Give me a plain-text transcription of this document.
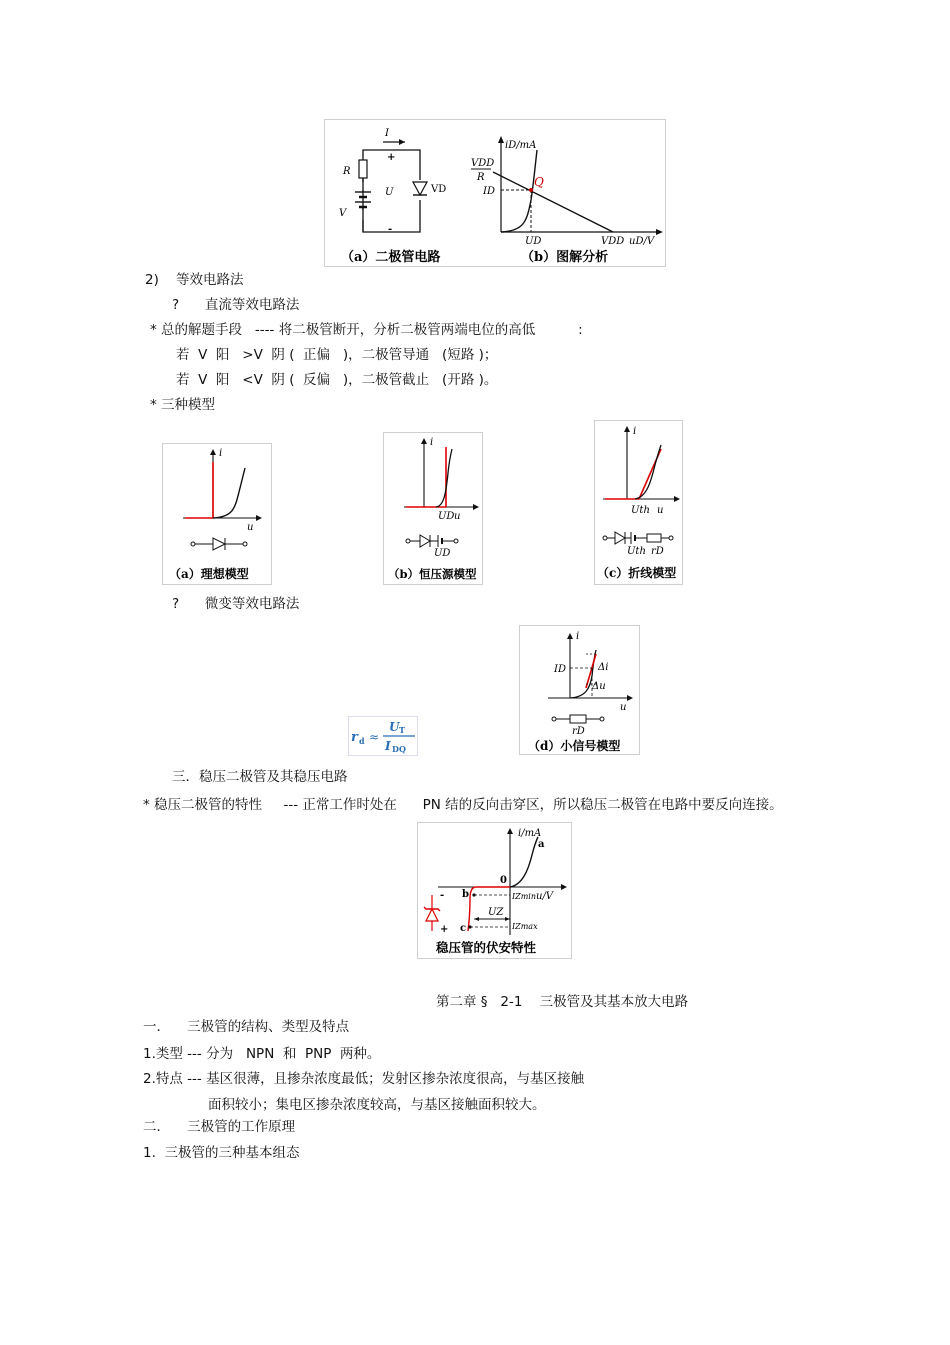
I
R
V
VD
+
U
-
iD/mA
VDD
R	Q
ID
UD	VDD uD/V
（a）二极管电路	（b）图解分析
2)    等效电路法
?      直流等效电路法
* 总的解题手段   ---- 将二极管断开，分析二极管两端电位的高低          :
若  V  阳   >V  阴 (  正偏   )，二极管导通   (短路 )；
若  V  阳   <V  阴 (  反偏   )，二极管截止   (开路 )。
* 三种模型
i
u
（a）理想模型
i
UD u
UD
（b）恒压源模型
i
Uth u
Uth rD
（c）折线模型
?      微变等效电路法
r d ≈
U T
I DQ
i
ID	Δi
Δu
u
rD
（d）小信号模型
三．稳压二极管及其稳压电路
* 稳压二极管的特性     --- 正常工作时处在      PN 结的反向击穿区，所以稳压二极管在电路中要反向连接。
i/mA
a
0
b
c
UZ
IZmin
IZmax
u/V
-
+
稳压管的伏安特性
第二章 §   2-1    三极管及其基本放大电路
一．    三极管的结构、类型及特点
1.类型 --- 分为   NPN  和  PNP  两种。
2.特点 --- 基区很薄，且掺杂浓度最低；发射区掺杂浓度很高，与基区接触
面积较小；集电区掺杂浓度较高，与基区接触面积较大。
二．    三极管的工作原理
1.  三极管的三种基本组态
